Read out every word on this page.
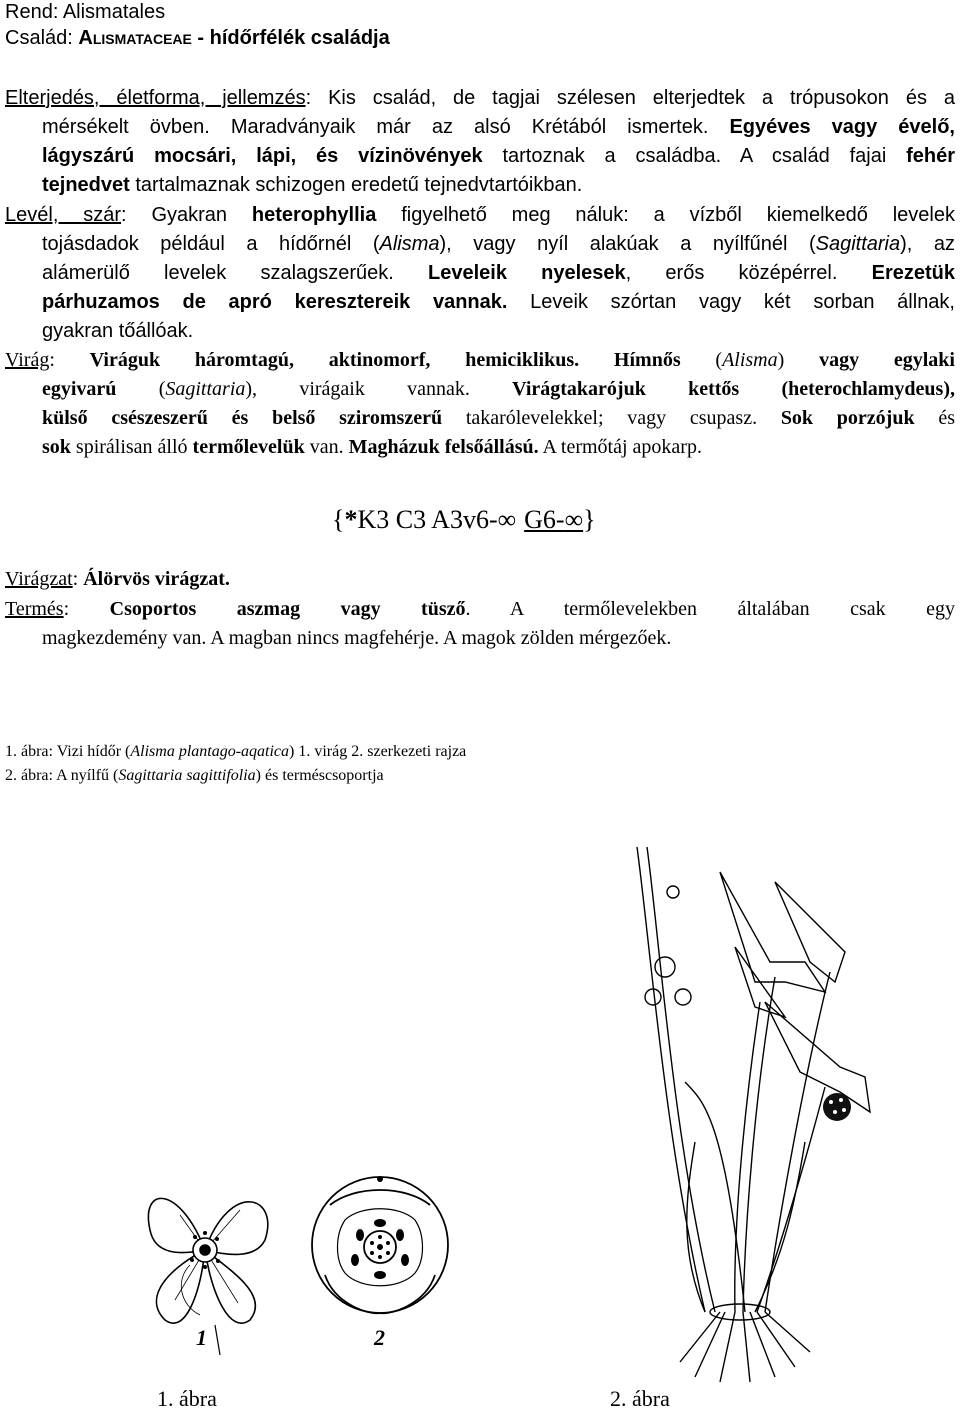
Rend: Alismatales
Család: Alismataceae - hídőrfélék családja
Elterjedés, életforma, jellemzés: Kis család, de tagjai szélesen elterjedtek a trópusokon és a
mérsékelt övben. Maradványaik már az alsó Krétából ismertek. Egyéves vagy évelő,
lágyszárú mocsári, lápi, és vízinövények tartoznak a családba. A család fajai fehér
tejnedvet tartalmaznak schizogen eredetű tejnedvtartóikban.
Levél, szár: Gyakran heterophyllia figyelhető meg náluk: a vízből kiemelkedő levelek
tojásdadok például a hídőrnél (Alisma), vagy nyíl alakúak a nyílfűnél (Sagittaria), az
alámerülő levelek szalagszerűek. Leveleik nyelesek, erős középérrel. Erezetük
párhuzamos de apró keresztereik vannak. Leveik szórtan vagy két sorban állnak,
gyakran tőállóak.
Virág: Viráguk háromtagú, aktinomorf, hemiciklikus. Hímnős (Alisma) vagy egylaki
egyivarú (Sagittaria), virágaik vannak. Virágtakarójuk kettős (heterochlamydeus),
külső csészeszerű és belső sziromszerű takarólevelekkel; vagy csupasz. Sok porzójuk és
sok spirálisan álló termőlevelük van. Magházuk felsőállású. A termőtáj apokarp.
{*K3 C3 A3v6-∞ G6-∞}
Virágzat: Álörvös virágzat.
Termés: Csoportos aszmag vagy tüsző. A termőlevelekben általában csak egy
magkezdemény van. A magban nincs magfehérje. A magok zölden mérgezőek.
1. ábra: Vizi hídőr (Alisma plantago-aqatica) 1. virág 2. szerkezeti rajza
2. ábra: A nyílfű (Sagittaria sagittifolia) és terméscsoportja
1	2
1. ábra	2. ábra
